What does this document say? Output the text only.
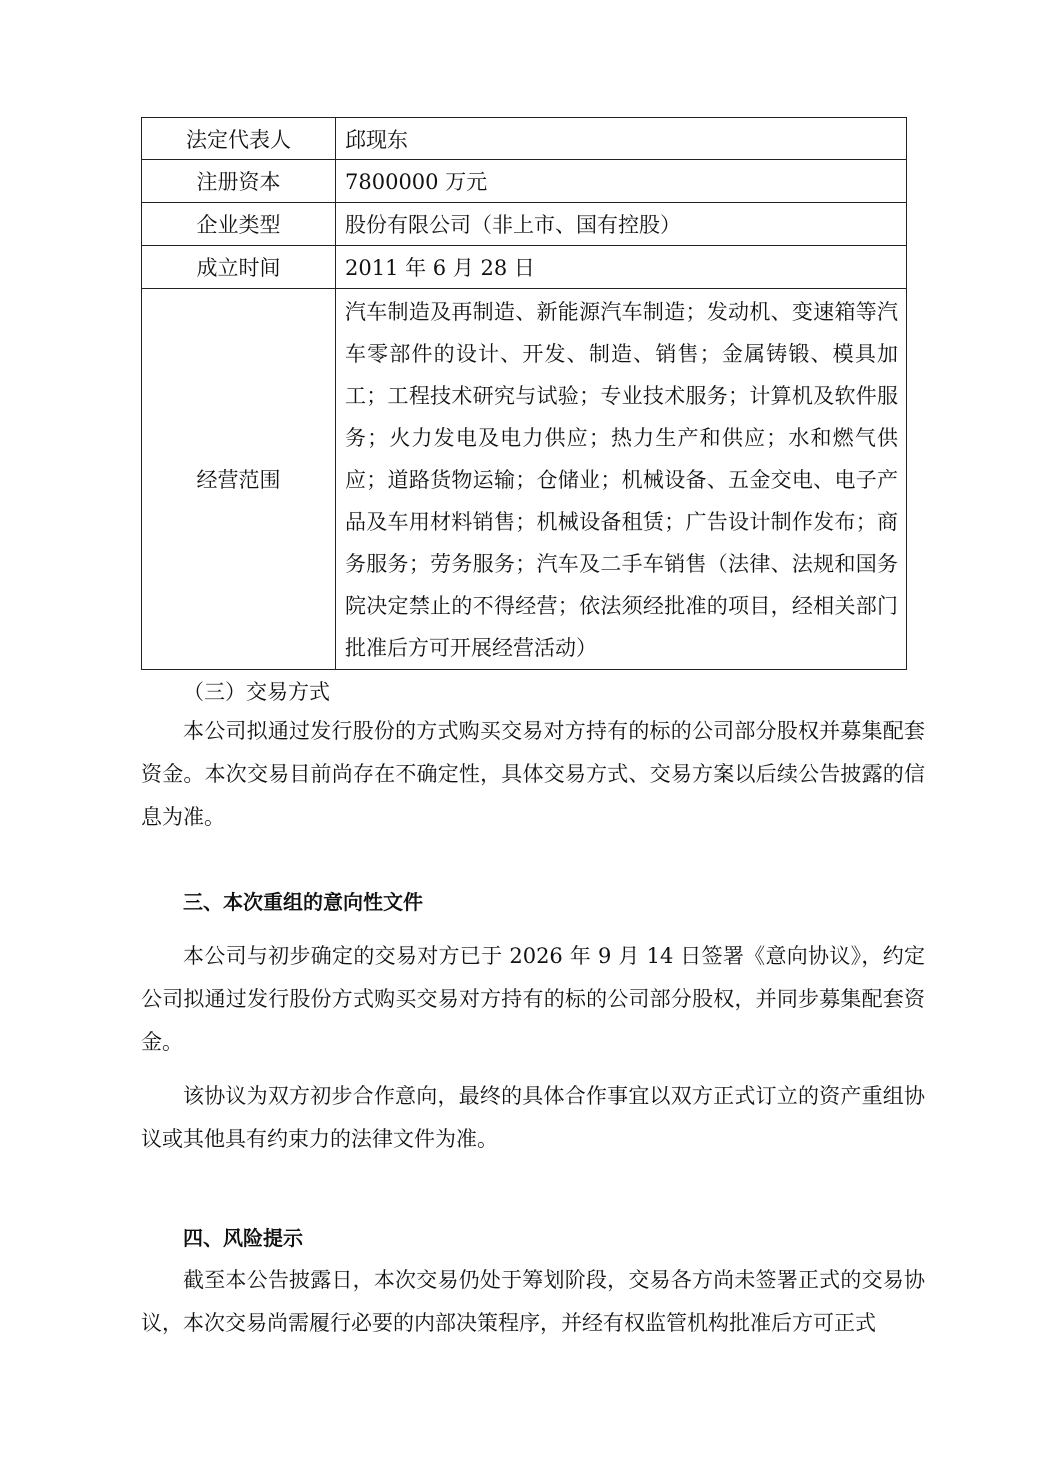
法定代表人	邱现东
注册资本	7800000 万元
企业类型	股份有限公司（非上市、国有控股）
成立时间	2011 年 6 月 28 日
经营范围	汽车制造及再制造、新能源汽车制造；发动机、变速箱等汽车零部件的设计、开发、制造、销售；金属铸锻、模具加工；工程技术研究与试验；专业技术服务；计算机及软件服务；火力发电及电力供应；热力生产和供应；水和燃气供应；道路货物运输；仓储业；机械设备、五金交电、电子产品及车用材料销售；机械设备租赁；广告设计制作发布；商务服务；劳务服务；汽车及二手车销售（法律、法规和国务院决定禁止的不得经营；依法须经批准的项目，经相关部门批准后方可开展经营活动）

（三）交易方式

本公司拟通过发行股份的方式购买交易对方持有的标的公司部分股权并募集配套资金。本次交易目前尚存在不确定性，具体交易方式、交易方案以后续公告披露的信息为准。

三、本次重组的意向性文件

本公司与初步确定的交易对方已于 2026 年 9 月 14 日签署《意向协议》，约定公司拟通过发行股份方式购买交易对方持有的标的公司部分股权，并同步募集配套资金。

该协议为双方初步合作意向，最终的具体合作事宜以双方正式订立的资产重组协议或其他具有约束力的法律文件为准。

四、风险提示

截至本公告披露日，本次交易仍处于筹划阶段，交易各方尚未签署正式的交易协议，本次交易尚需履行必要的内部决策程序，并经有权监管机构批准后方可正式
